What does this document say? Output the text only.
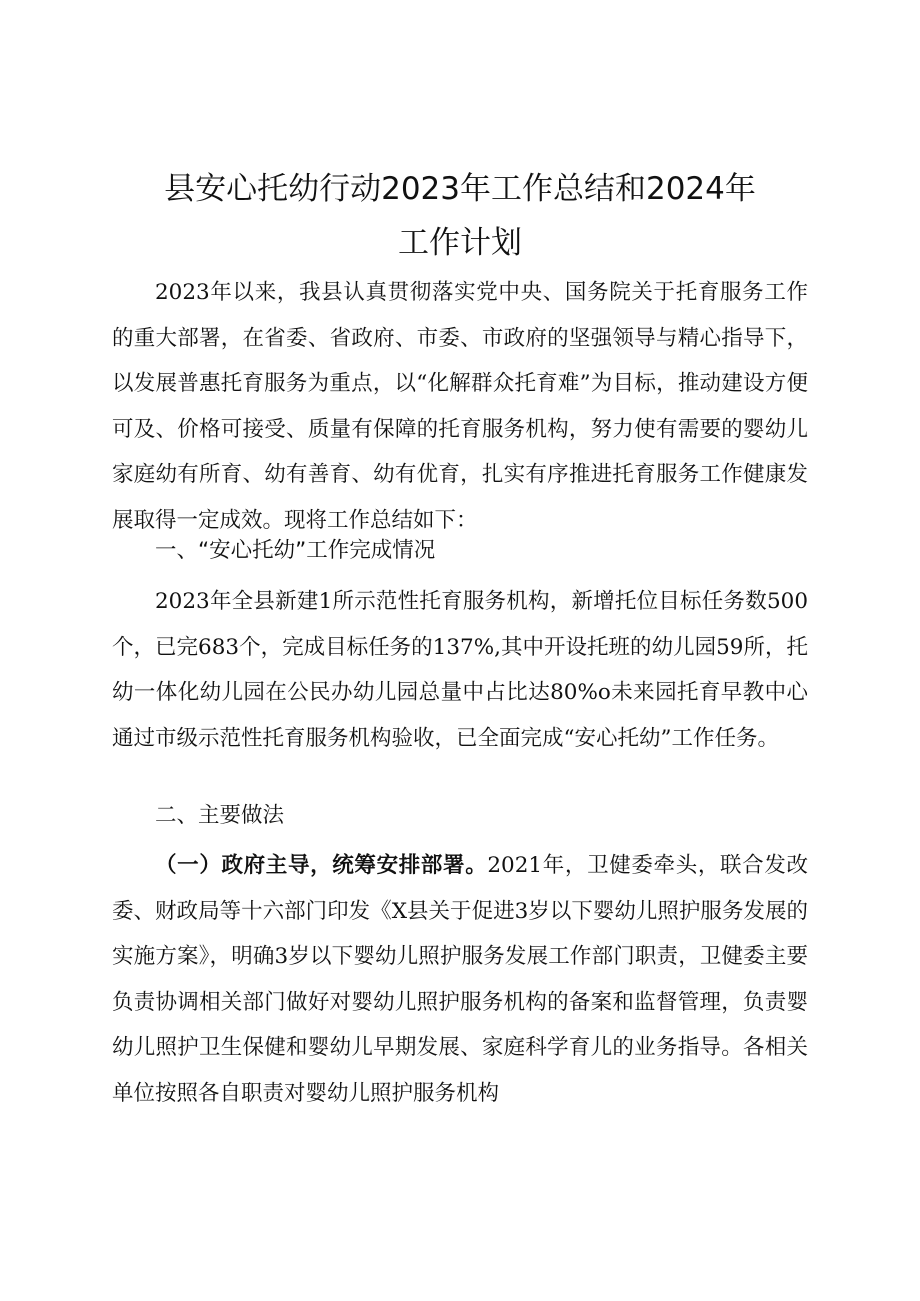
县安心托幼行动2023年工作总结和2024年
工作计划

2023年以来，我县认真贯彻落实党中央、国务院关于托育服务工作的重大部署，在省委、省政府、市委、市政府的坚强领导与精心指导下，以发展普惠托育服务为重点，以“化解群众托育难”为目标，推动建设方便可及、价格可接受、质量有保障的托育服务机构，努力使有需要的婴幼儿家庭幼有所育、幼有善育、幼有优育，扎实有序推进托育服务工作健康发展取得一定成效。现将工作总结如下：

一、“安心托幼”工作完成情况

2023年全县新建1所示范性托育服务机构，新增托位目标任务数500个，已完683个，完成目标任务的137%,其中开设托班的幼儿园59所，托幼一体化幼儿园在公民办幼儿园总量中占比达80%o未来园托育早教中心通过市级示范性托育服务机构验收，已全面完成“安心托幼”工作任务。

二、主要做法

（一）政府主导，统筹安排部署。2021年，卫健委牵头，联合发改委、财政局等十六部门印发《X县关于促进3岁以下婴幼儿照护服务发展的实施方案》，明确3岁以下婴幼儿照护服务发展工作部门职责，卫健委主要负责协调相关部门做好对婴幼儿照护服务机构的备案和监督管理，负责婴幼儿照护卫生保健和婴幼儿早期发展、家庭科学育儿的业务指导。各相关单位按照各自职责对婴幼儿照护服务机构
